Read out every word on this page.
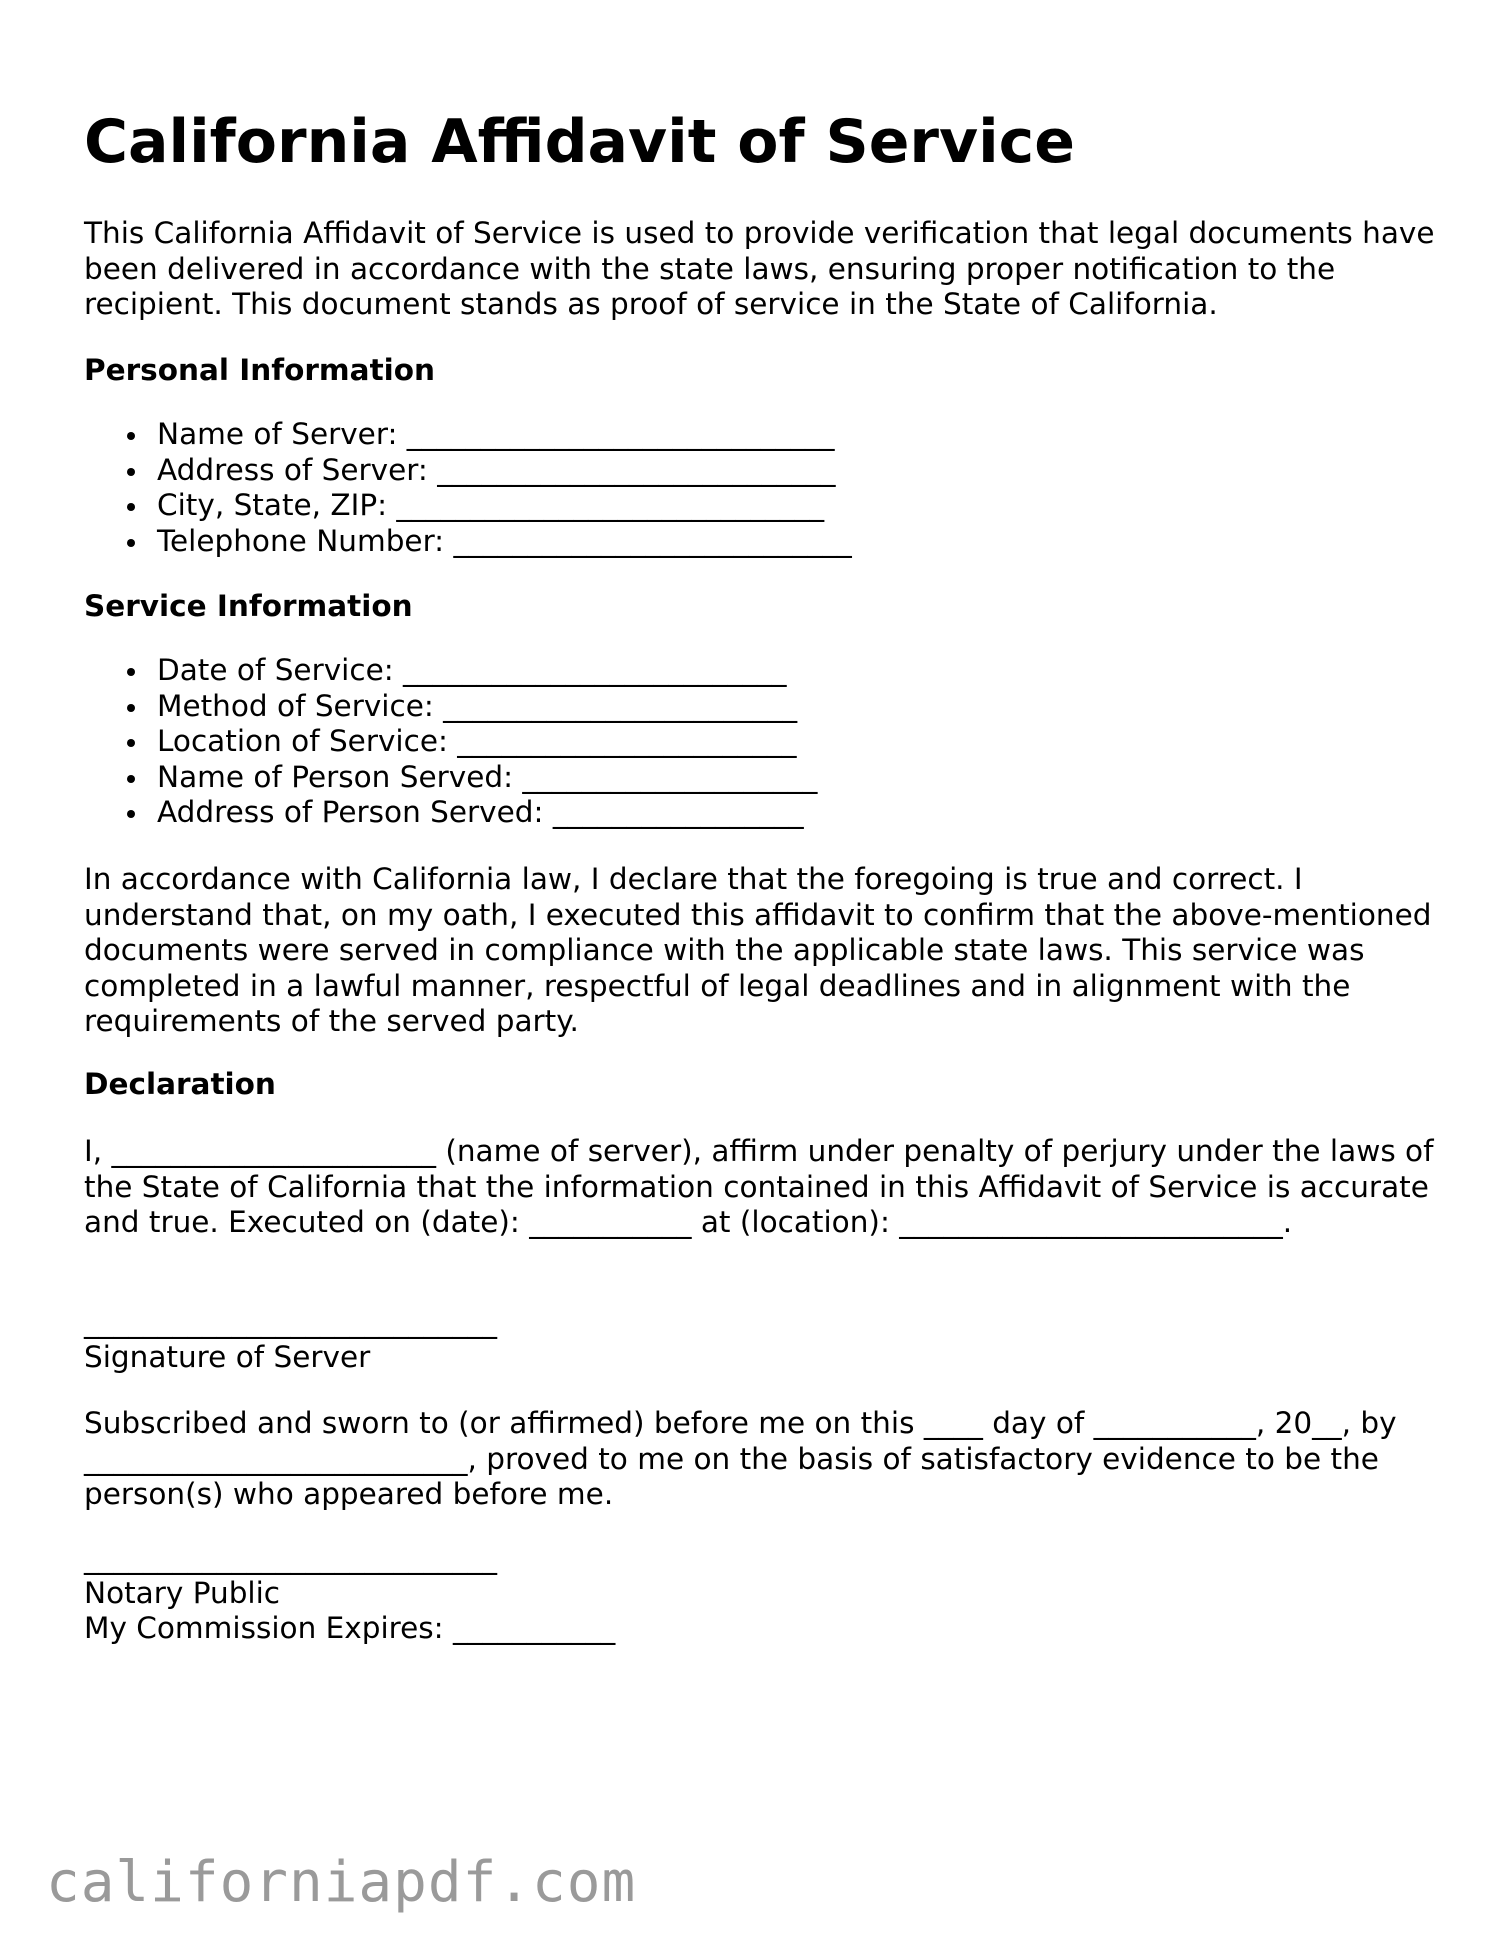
California Affidavit of Service

This California Affidavit of Service is used to provide verification that legal documents have been delivered in accordance with the state laws, ensuring proper notification to the recipient. This document stands as proof of service in the State of California.

Personal Information
Name of Server: _____________________________
Address of Server: ___________________________
City, State, ZIP: _____________________________
Telephone Number: ___________________________
Service Information
Date of Service: __________________________
Method of Service: ________________________
Location of Service: _______________________
Name of Person Served: ____________________
Address of Person Served: _________________

In accordance with California law, I declare that the foregoing is true and correct. I understand that, on my oath, I executed this affidavit to confirm that the above-mentioned documents were served in compliance with the applicable state laws. This service was completed in a lawful manner, respectful of legal deadlines and in alignment with the requirements of the served party.

Declaration

I, ______________________ (name of server), affirm under penalty of perjury under the laws of the State of California that the information contained in this Affidavit of Service is accurate and true. Executed on (date): ___________ at (location): __________________________.

____________________________
Signature of Server

Subscribed and sworn to (or affirmed) before me on this ____ day of ___________, 20__, by __________________________, proved to me on the basis of satisfactory evidence to be the person(s) who appeared before me.

____________________________
Notary Public
My Commission Expires: ___________
californiapdf.com
